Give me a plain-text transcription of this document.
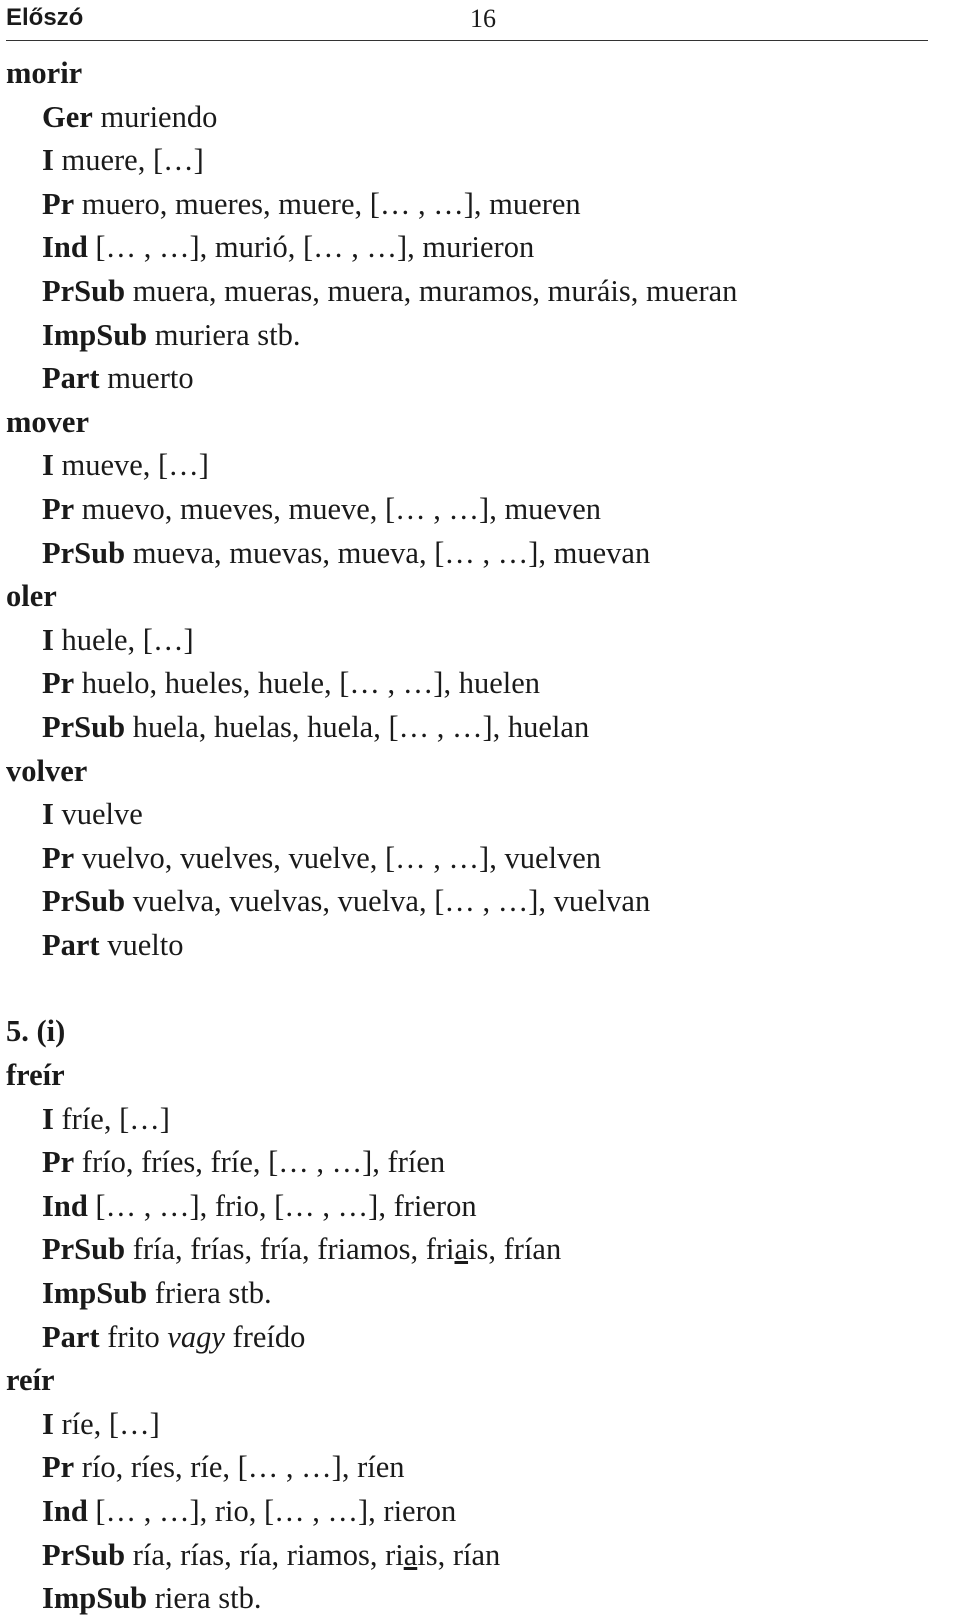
Előszó	16
morir
Ger muriendo
I muere, […]
Pr muero, mueres, muere, [… , …], mueren
Ind [… , …], murió, [… , …], murieron
PrSub muera, mueras, muera, muramos, muráis, mueran
ImpSub muriera stb.
Part muerto
mover
I mueve, […]
Pr muevo, mueves, mueve, [… , …], mueven
PrSub mueva, muevas, mueva, [… , …], muevan
oler
I huele, […]
Pr huelo, hueles, huele, [… , …], huelen
PrSub huela, huelas, huela, [… , …], huelan
volver
I vuelve
Pr vuelvo, vuelves, vuelve, [… , …], vuelven
PrSub vuelva, vuelvas, vuelva, [… , …], vuelvan
Part vuelto
5. (i)
freír
I fríe, […]
Pr frío, fríes, fríe, [… , …], fríen
Ind [… , …], frio, [… , …], frieron
PrSub fría, frías, fría, friamos, friais, frían
ImpSub friera stb.
Part frito vagy freído
reír
I ríe, […]
Pr río, ríes, ríe, [… , …], ríen
Ind [… , …], rio, [… , …], rieron
PrSub ría, rías, ría, riamos, riais, rían
ImpSub riera stb.
